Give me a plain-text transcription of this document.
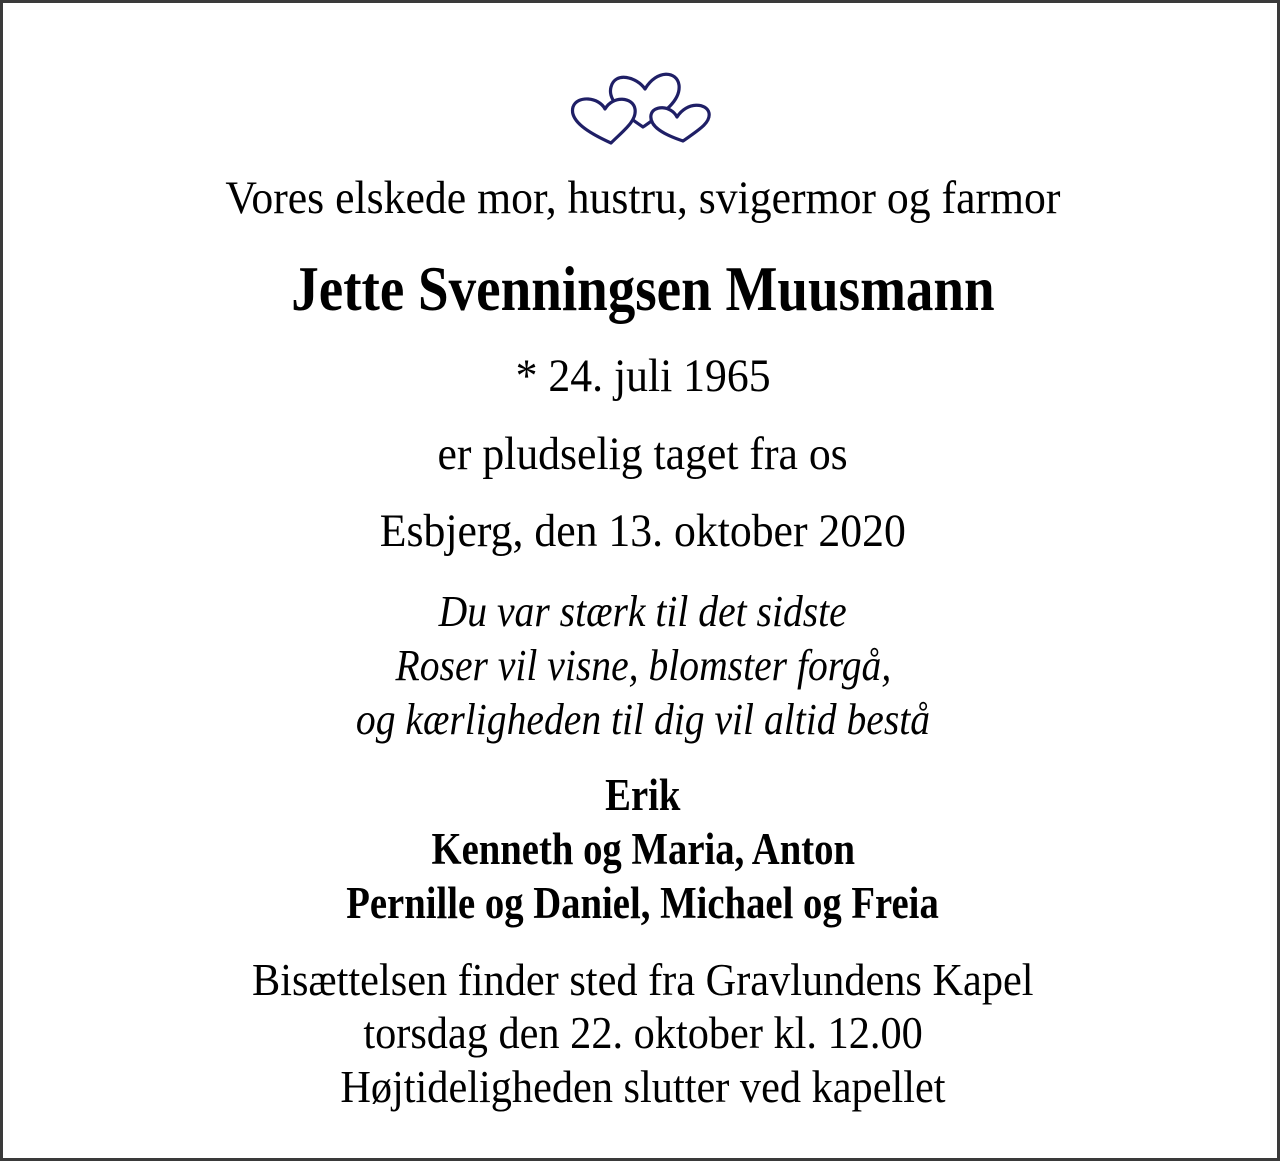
Vores elskede mor, hustru, svigermor og farmor
Jette Svenningsen Muusmann
* 24. juli 1965
er pludselig taget fra os
Esbjerg, den 13. oktober 2020
Du var stærk til det sidste
Roser vil visne, blomster forgå,
og kærligheden til dig vil altid bestå
Erik
Kenneth og Maria, Anton
Pernille og Daniel, Michael og Freia
Bisættelsen finder sted fra Gravlundens Kapel
torsdag den 22. oktober kl. 12.00
Højtideligheden slutter ved kapellet
